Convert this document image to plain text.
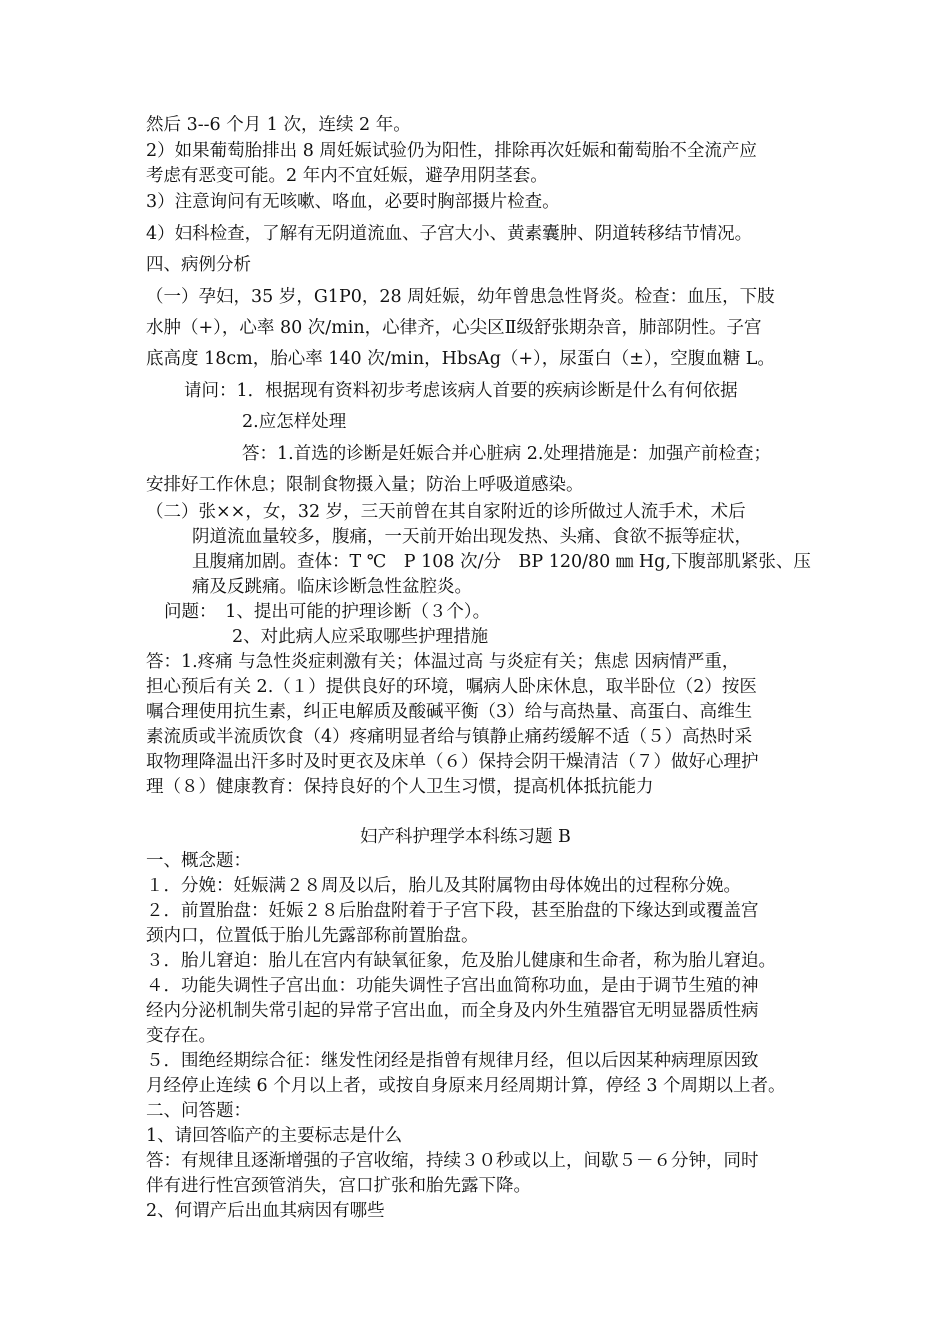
然后 3--6 个月 1 次，连续 2 年。
2）如果葡萄胎排出 8 周妊娠试验仍为阳性，排除再次妊娠和葡萄胎不全流产应
考虑有恶变可能。2 年内不宜妊娠，避孕用阴茎套。
3）注意询问有无咳嗽、咯血，必要时胸部摄片检查。
4）妇科检查，了解有无阴道流血、子宫大小、黄素囊肿、阴道转移结节情况。
四、病例分析
（一）孕妇，35 岁，G1P0，28 周妊娠，幼年曾患急性肾炎。检查：血压，下肢
水肿（+），心率 80 次/min，心律齐，心尖区Ⅱ级舒张期杂音，肺部阴性。子宫
底高度 18cm，胎心率 140 次/min，HbsAg（+），尿蛋白（±），空腹血糖 L。
请问：1．根据现有资料初步考虑该病人首要的疾病诊断是什么有何依据
2.应怎样处理
答：1.首选的诊断是妊娠合并心脏病 2.处理措施是：加强产前检查；
安排好工作休息；限制食物摄入量；防治上呼吸道感染。
（二）张××，女，32 岁，三天前曾在其自家附近的诊所做过人流手术，术后
阴道流血量较多，腹痛，一天前开始出现发热、头痛、食欲不振等症状，
且腹痛加剧。查体：T ℃　P 108 次/分　BP 120/80 ㎜ Hg,下腹部肌紧张、压
痛及反跳痛。临床诊断急性盆腔炎。
问题：　1、提出可能的护理诊断（３个）。
2、对此病人应采取哪些护理措施
答：1.疼痛 与急性炎症刺激有关；体温过高 与炎症有关；焦虑 因病情严重，
担心预后有关 2.（１）提供良好的环境，嘱病人卧床休息，取半卧位（2）按医
嘱合理使用抗生素，纠正电解质及酸碱平衡（3）给与高热量、高蛋白、高维生
素流质或半流质饮食（4）疼痛明显者给与镇静止痛药缓解不适（５）高热时采
取物理降温出汗多时及时更衣及床单（６）保持会阴干燥清洁（７）做好心理护
理（８）健康教育：保持良好的个人卫生习惯，提高机体抵抗能力
妇产科护理学本科练习题 B
一、概念题：
１．分娩：妊娠满２８周及以后，胎儿及其附属物由母体娩出的过程称分娩。
２．前置胎盘：妊娠２８后胎盘附着于子宫下段，甚至胎盘的下缘达到或覆盖宫
颈内口，位置低于胎儿先露部称前置胎盘。
３．胎儿窘迫：胎儿在宫内有缺氧征象，危及胎儿健康和生命者，称为胎儿窘迫。
４．功能失调性子宫出血：功能失调性子宫出血简称功血，是由于调节生殖的神
经内分泌机制失常引起的异常子宫出血，而全身及内外生殖器官无明显器质性病
变存在。
５．围绝经期综合征：继发性闭经是指曾有规律月经，但以后因某种病理原因致
月经停止连续 6 个月以上者，或按自身原来月经周期计算，停经 3 个周期以上者。
二、问答题：
1、请回答临产的主要标志是什么
答：有规律且逐渐增强的子宫收缩，持续３０秒或以上，间歇５－６分钟，同时
伴有进行性宫颈管消失，宫口扩张和胎先露下降。
2、何谓产后出血其病因有哪些
